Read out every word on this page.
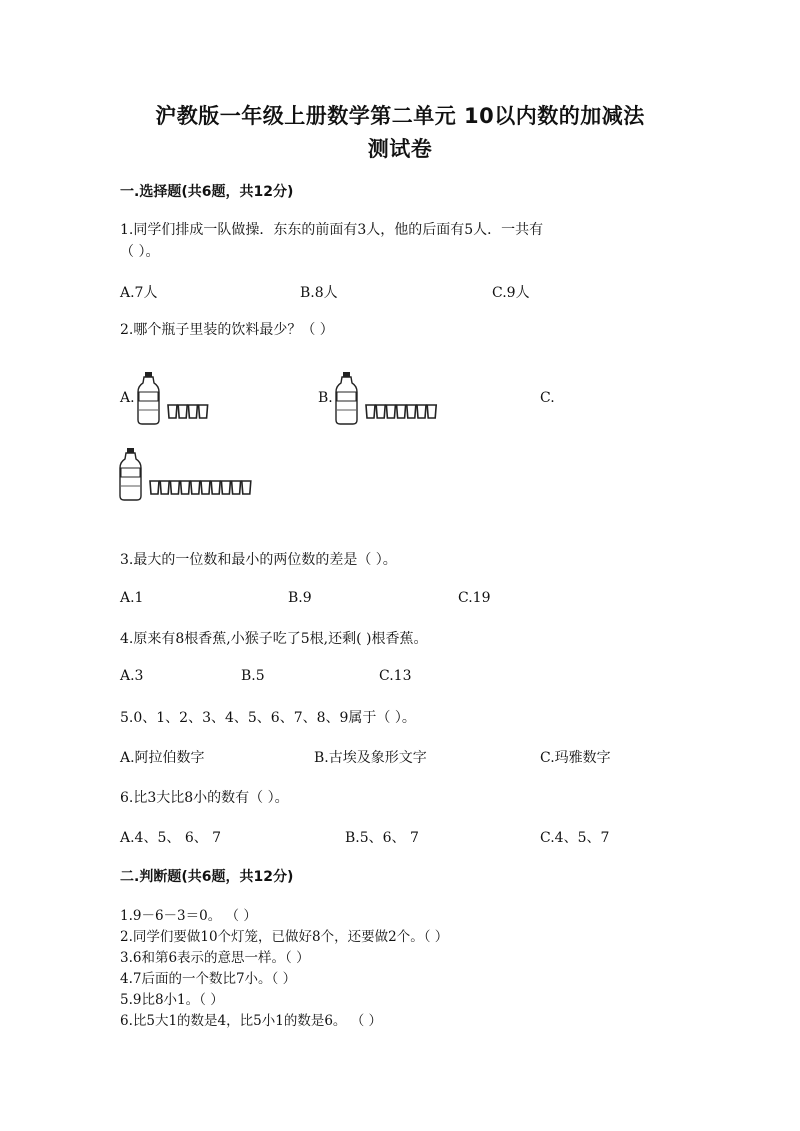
沪教版一年级上册数学第二单元 10以内数的加减法
测试卷
一.选择题(共6题，共12分)
1.同学们排成一队做操．东东的前面有3人，他的后面有5人．一共有
（ ）。
A.7人	B.8人	C.9人
2.哪个瓶子里装的饮料最少？（ ）
A.	B.	C.
3.最大的一位数和最小的两位数的差是（ ）。
A.1	B.9	C.19
4.原来有8根香蕉,小猴子吃了5根,还剩( )根香蕉。
A.3	B.5	C.13
5.0、1、2、3、4、5、6、7、8、9属于（ ）。
A.阿拉伯数字	B.古埃及象形文字	C.玛雅数字
6.比3大比8小的数有（ ）。
A.4、5、 6、 7	B.5、6、 7	C.4、5、7
二.判断题(共6题，共12分)
1.9－6－3＝0。 （ ）
2.同学们要做10个灯笼，已做好8个，还要做2个。（ ）
3.6和第6表示的意思一样。（ ）
4.7后面的一个数比7小。（ ）
5.9比8小1。（ ）
6.比5大1的数是4，比5小1的数是6。 （ ）
